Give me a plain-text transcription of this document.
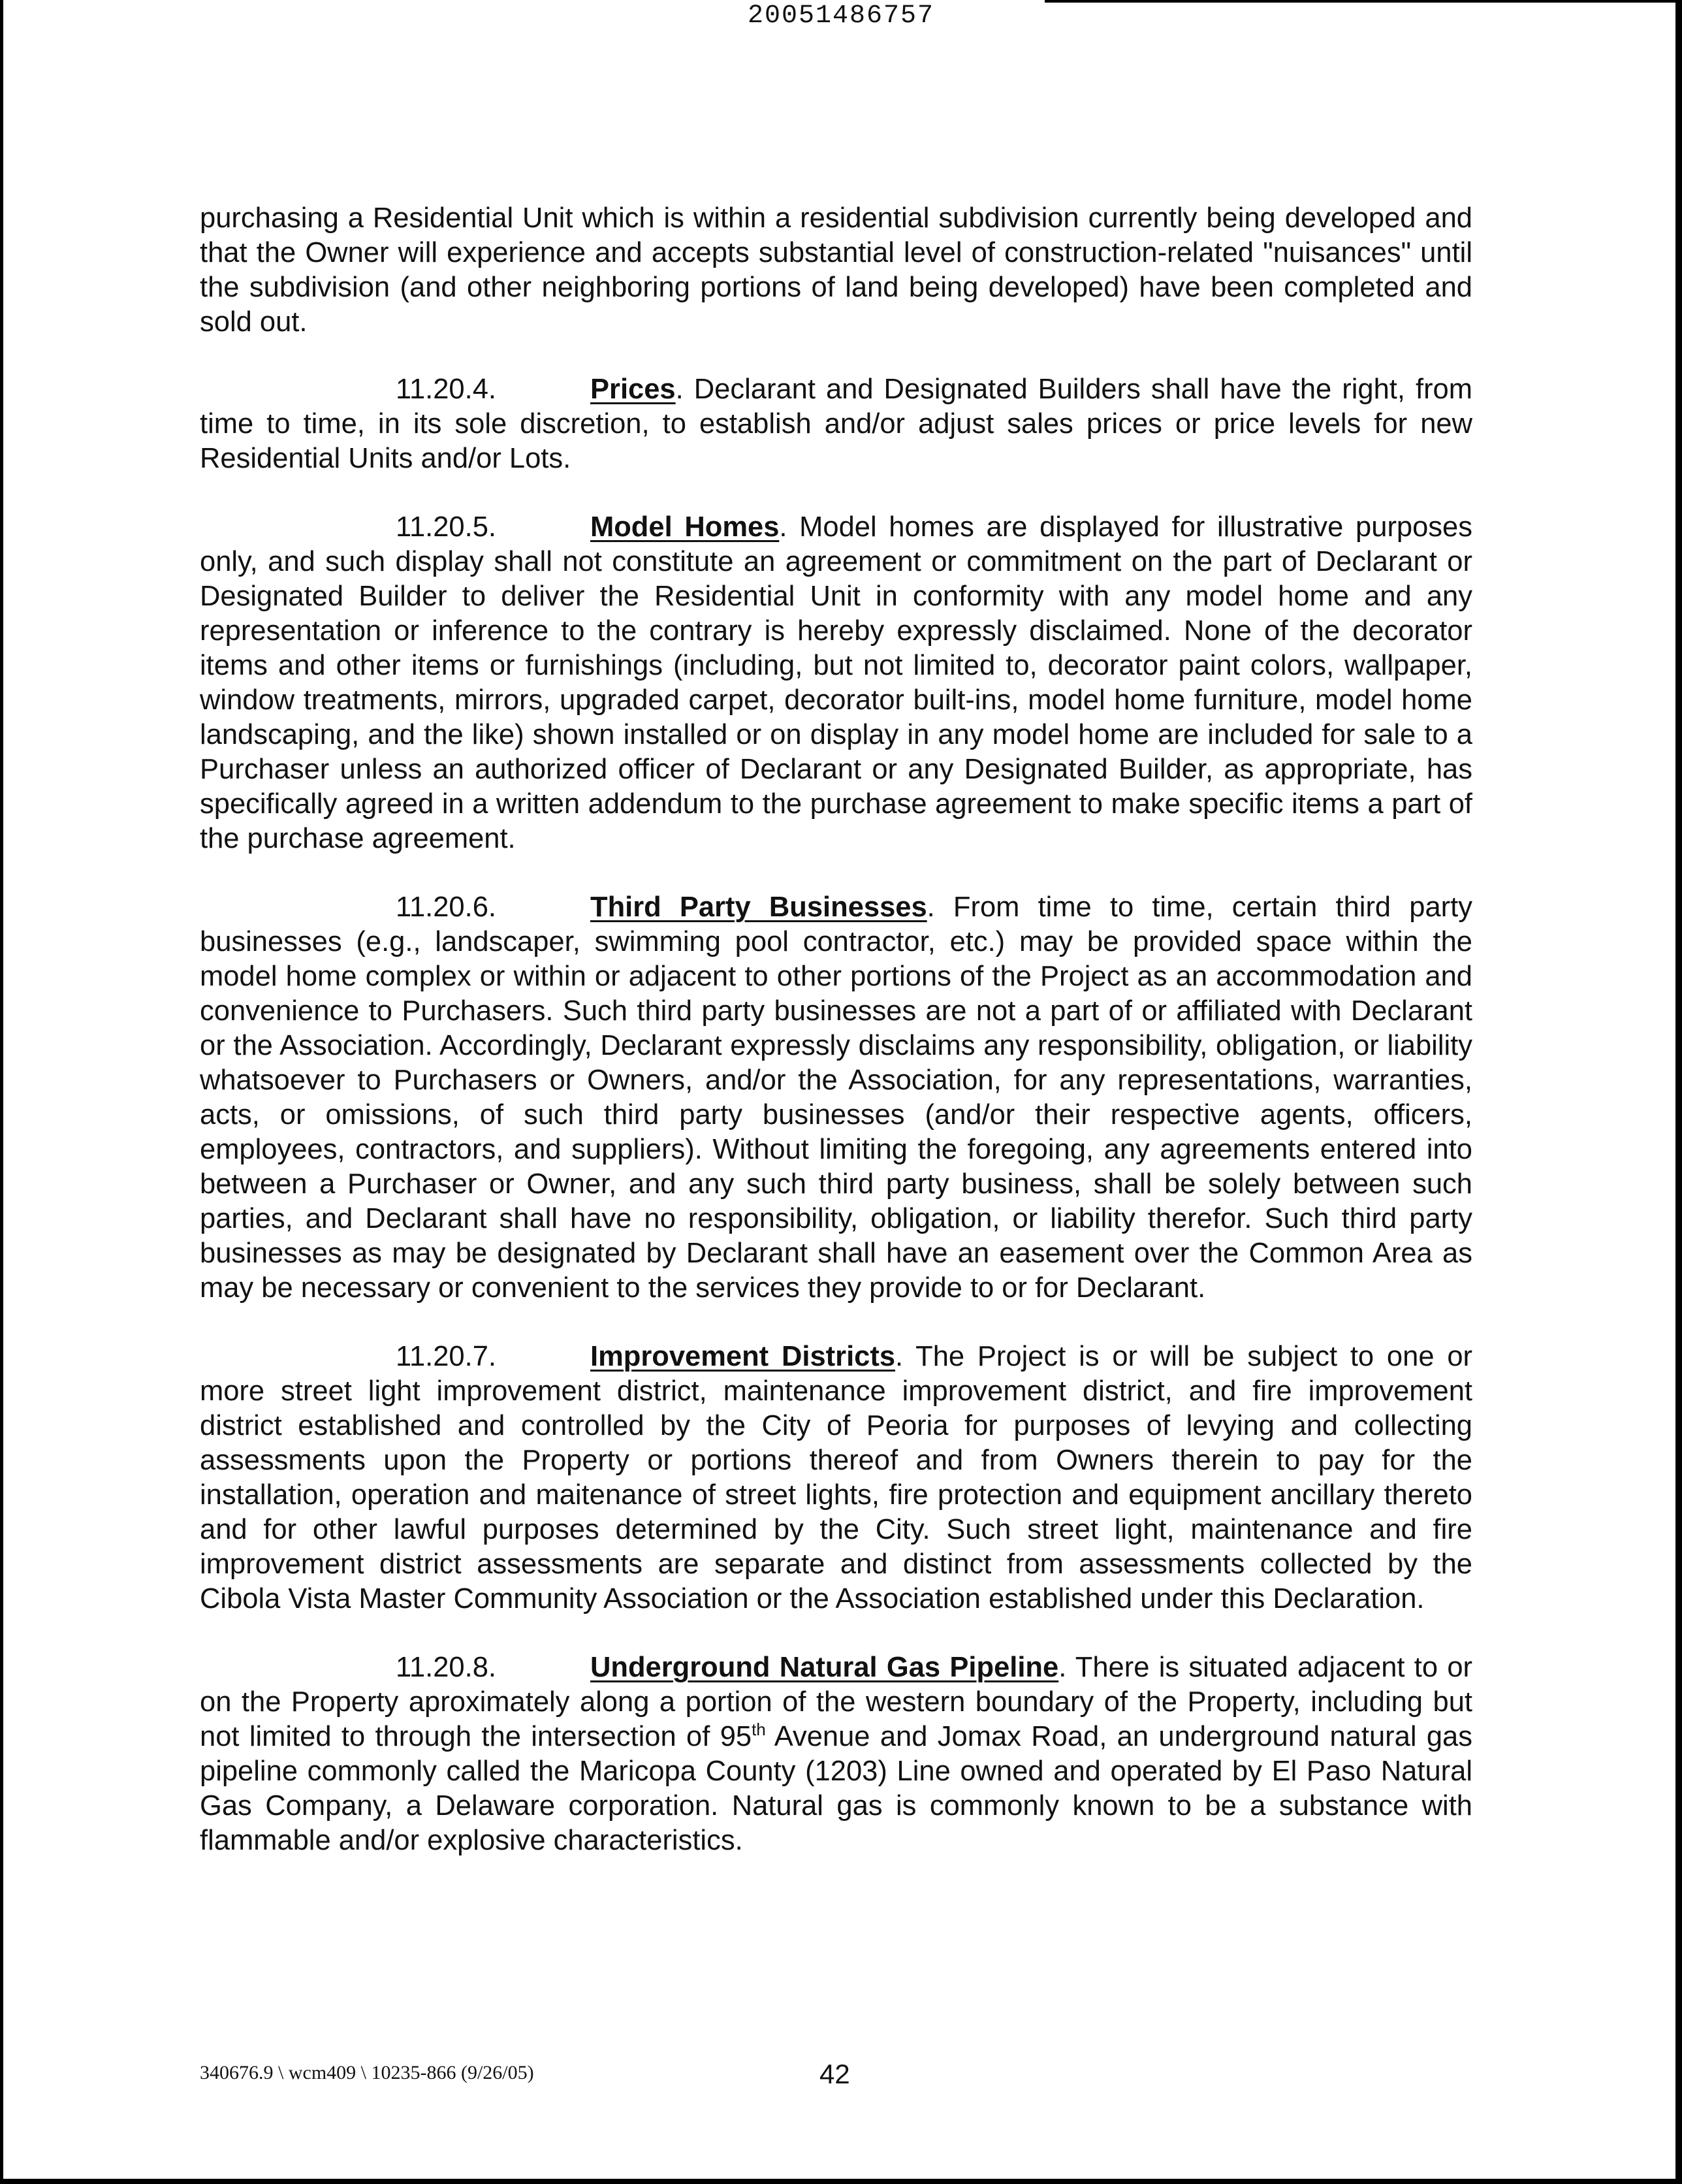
20051486757

purchasing a Residential Unit which is within a residential subdivision currently being developed and that the Owner will experience and accepts substantial level of construction-related "nuisances" until the subdivision (and other neighboring portions of land being developed) have been completed and sold out.

11.20.4.	Prices. Declarant and Designated Builders shall have the right, from time to time, in its sole discretion, to establish and/or adjust sales prices or price levels for new Residential Units and/or Lots.

11.20.5.	Model Homes. Model homes are displayed for illustrative purposes only, and such display shall not constitute an agreement or commitment on the part of Declarant or Designated Builder to deliver the Residential Unit in conformity with any model home and any representation or inference to the contrary is hereby expressly disclaimed. None of the decorator items and other items or furnishings (including, but not limited to, decorator paint colors, wallpaper, window treatments, mirrors, upgraded carpet, decorator built-ins, model home furniture, model home landscaping, and the like) shown installed or on display in any model home are included for sale to a Purchaser unless an authorized officer of Declarant or any Designated Builder, as appropriate, has specifically agreed in a written addendum to the purchase agreement to make specific items a part of the purchase agreement.

11.20.6.	Third Party Businesses. From time to time, certain third party businesses (e.g., landscaper, swimming pool contractor, etc.) may be provided space within the model home complex or within or adjacent to other portions of the Project as an accommodation and convenience to Purchasers. Such third party businesses are not a part of or affiliated with Declarant or the Association. Accordingly, Declarant expressly disclaims any responsibility, obligation, or liability whatsoever to Purchasers or Owners, and/or the Association, for any representations, warranties, acts, or omissions, of such third party businesses (and/or their respective agents, officers, employees, contractors, and suppliers). Without limiting the foregoing, any agreements entered into between a Purchaser or Owner, and any such third party business, shall be solely between such parties, and Declarant shall have no responsibility, obligation, or liability therefor. Such third party businesses as may be designated by Declarant shall have an easement over the Common Area as may be necessary or convenient to the services they provide to or for Declarant.

11.20.7.	Improvement Districts. The Project is or will be subject to one or more street light improvement district, maintenance improvement district, and fire improvement district established and controlled by the City of Peoria for purposes of levying and collecting assessments upon the Property or portions thereof and from Owners therein to pay for the installation, operation and maitenance of street lights, fire protection and equipment ancillary thereto and for other lawful purposes determined by the City. Such street light, maintenance and fire improvement district assessments are separate and distinct from assessments collected by the Cibola Vista Master Community Association or the Association established under this Declaration.

11.20.8.	Underground Natural Gas Pipeline. There is situated adjacent to or on the Property aproximately along a portion of the western boundary of the Property, including but not limited to through the intersection of 95th Avenue and Jomax Road, an underground natural gas pipeline commonly called the Maricopa County (1203) Line owned and operated by El Paso Natural Gas Company, a Delaware corporation. Natural gas is commonly known to be a substance with flammable and/or explosive characteristics.

340676.9 \ wcm409 \ 10235-866 (9/26/05)	42
